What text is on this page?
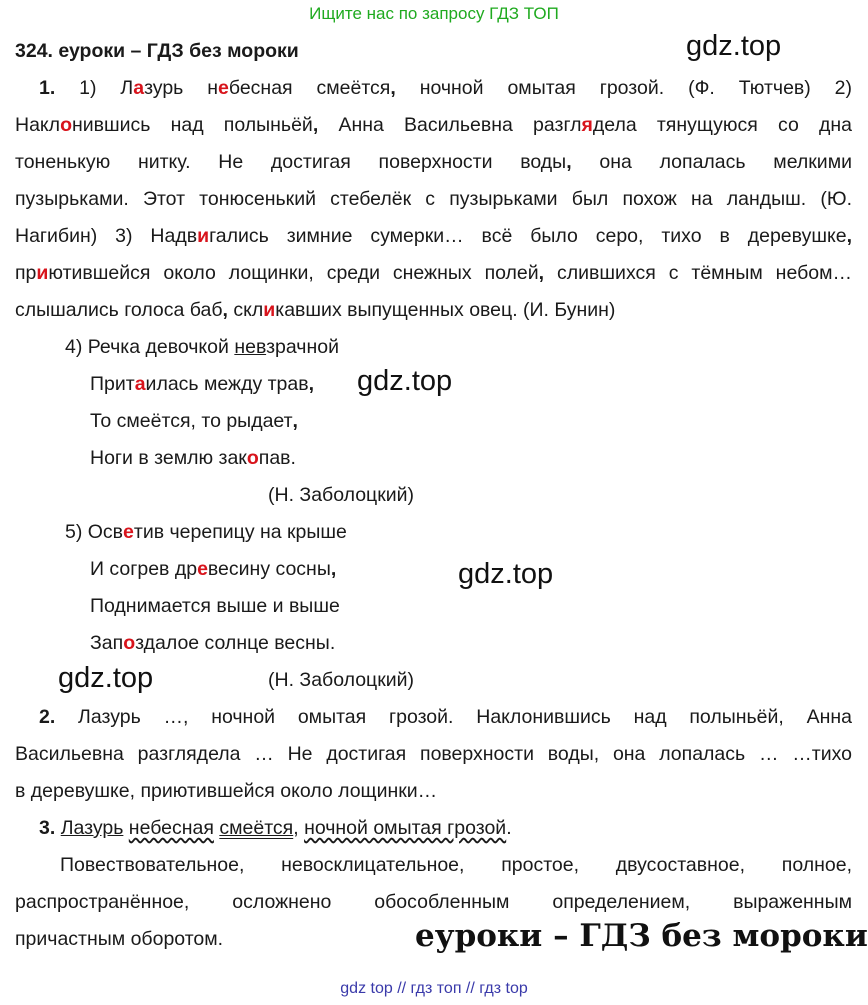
Ищите нас по запросу ГДЗ ТОП
324. еуроки – ГДЗ без мороки	gdz.top
gdz.top
gdz.top
gdz.top
1. 1) Лазурь небесная смеётся, ночной омытая грозой. (Ф. Тютчев) 2)
Наклонившись над полыньёй, Анна Васильевна разглядела тянущуюся со дна
тоненькую нитку. Не достигая поверхности воды, она лопалась мелкими
пузырьками. Этот тонюсенький стебелёк с пузырьками был похож на ландыш. (Ю.
Нагибин) 3) Надвигались зимние сумерки… всё было серо, тихо в деревушке,
приютившейся около лощинки, среди снежных полей, слившихся с тёмным небом…
слышались голоса баб, скликавших выпущенных овец. (И. Бунин)
4) Речка девочкой невзрачной
Притаилась между трав,
То смеётся, то рыдает,
Ноги в землю закопав.
(Н. Заболоцкий)
5) Осветив черепицу на крыше
И согрев древесину сосны,
Поднимается выше и выше
Запоздалое солнце весны.
(Н. Заболоцкий)
2. Лазурь …, ночной омытая грозой. Наклонившись над полыньёй, Анна
Васильевна разглядела … Не достигая поверхности воды, она лопалась … …тихо
в деревушке, приютившейся около лощинки…
3. Лазурь небесная смеётся, ночной омытая грозой.
Повествовательное, невосклицательное, простое, двусоставное, полное,
распространённое, осложнено обособленным определением, выраженным
причастным оборотом.	еуроки – ГДЗ без мороки
gdz top // гдз топ // гдз top
